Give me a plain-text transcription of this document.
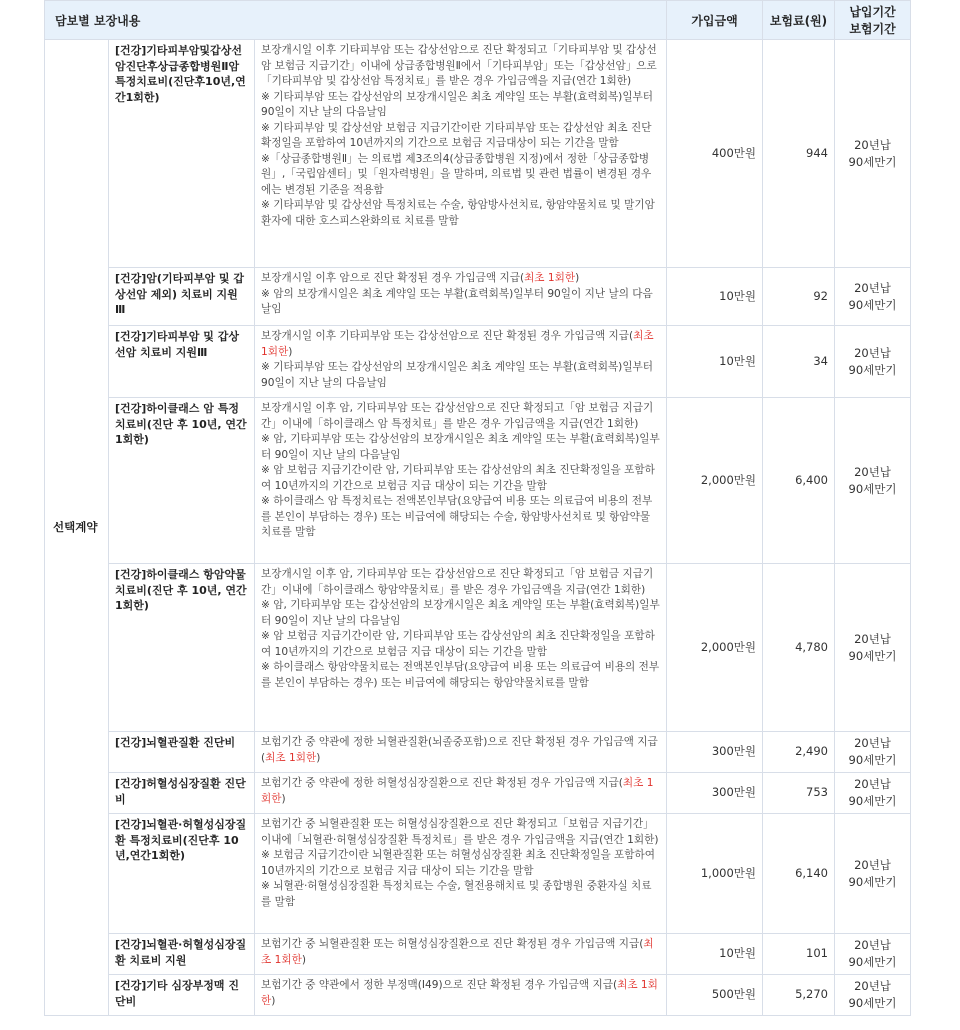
담보별 보장내용			가입금액	보험료(원)	납입기간
보험기간
선택계약	[건강]기타피부암및갑상선암진단후상급종합병원Ⅱ암특정치료비(진단후10년,연간1회한)	보장개시일 이후 기타피부암 또는 갑상선암으로 진단 확정되고「기타피부암 및 갑상선암 보험금 지급기간」이내에 상급종합병원Ⅱ에서「기타피부암」또는「갑상선암」으로「기타피부암 및 갑상선암 특정치료」를 받은 경우 가입금액을 지급(연간 1회한)
※ 기타피부암 또는 갑상선암의 보장개시일은 최초 계약일 또는 부활(효력회복)일부터 90일이 지난 날의 다음날임
※ 기타피부암 및 갑상선암 보험금 지급기간이란 기타피부암 또는 갑상선암 최초 진단확정일을 포함하여 10년까지의 기간으로 보험금 지급대상이 되는 기간을 말함
※「상급종합병원Ⅱ」는 의료법 제3조의4(상급종합병원 지정)에서 정한「상급종합병원」,「국립암센터」및「원자력병원」을 말하며, 의료법 및 관련 법률이 변경된 경우에는 변경된 기준을 적용함
※ 기타피부암 및 갑상선암 특정치료는 수술, 항암방사선치료, 항암약물치료 및 말기암 환자에 대한 호스피스완화의료 치료를 말함	400만원	944	20년납
90세만기
	[건강]암(기타피부암 및 갑상선암 제외) 치료비 지원Ⅲ	보장개시일 이후 암으로 진단 확정된 경우 가입금액 지급(최초 1회한)
※ 암의 보장개시일은 최초 계약일 또는 부활(효력회복)일부터 90일이 지난 날의 다음날임	10만원	92	20년납
90세만기
	[건강]기타피부암 및 갑상선암 치료비 지원Ⅲ	보장개시일 이후 기타피부암 또는 갑상선암으로 진단 확정된 경우 가입금액 지급(최초 1회한)
※ 기타피부암 또는 갑상선암의 보장개시일은 최초 계약일 또는 부활(효력회복)일부터 90일이 지난 날의 다음날임	10만원	34	20년납
90세만기
	[건강]하이클래스 암 특정치료비(진단 후 10년, 연간1회한)	보장개시일 이후 암, 기타피부암 또는 갑상선암으로 진단 확정되고「암 보험금 지급기간」이내에「하이클래스 암 특정치료」를 받은 경우 가입금액을 지급(연간 1회한)
※ 암, 기타피부암 또는 갑상선암의 보장개시일은 최초 계약일 또는 부활(효력회복)일부터 90일이 지난 날의 다음날임
※ 암 보험금 지급기간이란 암, 기타피부암 또는 갑상선암의 최초 진단확정일을 포함하여 10년까지의 기간으로 보험금 지급 대상이 되는 기간을 말함
※ 하이클래스 암 특정치료는 전액본인부담(요양급여 비용 또는 의료급여 비용의 전부를 본인이 부담하는 경우) 또는 비급여에 해당되는 수술, 항암방사선치료 및 항암약물치료를 말함	2,000만원	6,400	20년납
90세만기
	[건강]하이클래스 항암약물치료비(진단 후 10년, 연간1회한)	보장개시일 이후 암, 기타피부암 또는 갑상선암으로 진단 확정되고「암 보험금 지급기간」이내에「하이클래스 항암약물치료」를 받은 경우 가입금액을 지급(연간 1회한)
※ 암, 기타피부암 또는 갑상선암의 보장개시일은 최초 계약일 또는 부활(효력회복)일부터 90일이 지난 날의 다음날임
※ 암 보험금 지급기간이란 암, 기타피부암 또는 갑상선암의 최초 진단확정일을 포함하여 10년까지의 기간으로 보험금 지급 대상이 되는 기간을 말함
※ 하이클래스 항암약물치료는 전액본인부담(요양급여 비용 또는 의료급여 비용의 전부를 본인이 부담하는 경우) 또는 비급여에 해당되는 항암약물치료를 말함	2,000만원	4,780	20년납
90세만기
	[건강]뇌혈관질환 진단비	보험기간 중 약관에 정한 뇌혈관질환(뇌졸중포함)으로 진단 확정된 경우 가입금액 지급(최초 1회한)	300만원	2,490	20년납
90세만기
	[건강]허혈성심장질환 진단비	보험기간 중 약관에 정한 허혈성심장질환으로 진단 확정된 경우 가입금액 지급(최초 1회한)	300만원	753	20년납
90세만기
	[건강]뇌혈관·허혈성심장질환 특정치료비(진단후 10년,연간1회한)	보험기간 중 뇌혈관질환 또는 허혈성심장질환으로 진단 확정되고「보험금 지급기간」이내에「뇌혈관·허혈성심장질환 특정치료」를 받은 경우 가입금액을 지급(연간 1회한)
※ 보험금 지급기간이란 뇌혈관질환 또는 허혈성심장질환 최초 진단확정일을 포함하여 10년까지의 기간으로 보험금 지급 대상이 되는 기간을 말함
※ 뇌혈관·허혈성심장질환 특정치료는 수술, 혈전용해치료 및 종합병원 중환자실 치료를 말함	1,000만원	6,140	20년납
90세만기
	[건강]뇌혈관·허혈성심장질환 치료비 지원	보험기간 중 뇌혈관질환 또는 허혈성심장질환으로 진단 확정된 경우 가입금액 지급(최초 1회한)	10만원	101	20년납
90세만기
	[건강]기타 심장부정맥 진단비	보험기간 중 약관에서 정한 부정맥(I49)으로 진단 확정된 경우 가입금액 지급(최초 1회한)	500만원	5,270	20년납
90세만기
